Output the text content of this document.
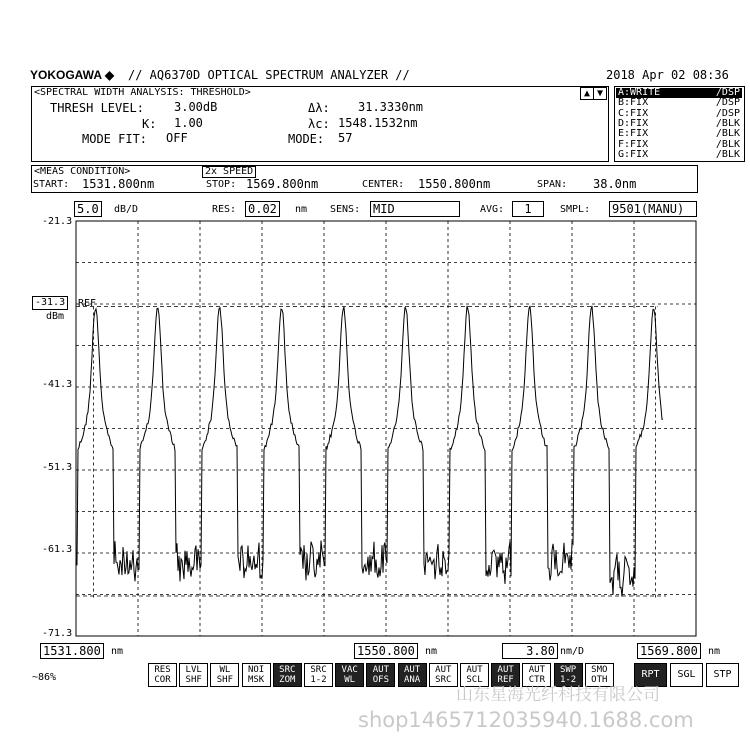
YOKOGAWA ◆ // AQ6370D OPTICAL SPECTRUM ANALYZER //	2018 Apr 02 08:36
<SPECTRAL WIDTH ANALYSIS: THRESHOLD>	▲ ▼
THRESH LEVEL:	3.00dB
K: 1.00
MODE FIT: OFF
Δλ: 31.3330nm
λc: 1548.1532nm
MODE: 57
A:WRITE	/DSP
B:FIX	/DSP
C:FIX	/DSP
D:FIX	/BLK
E:FIX	/BLK
F:FIX	/BLK
G:FIX	/BLK
<MEAS CONDITION>	2x SPEED
START: 1531.800nm	STOP: 1569.800nm	CENTER: 1550.800nm	SPAN: 38.0nm
5.0	dB/D	RES: 0.02	nm SENS: MID	AVG:	1	SMPL: 9501(MANU)
-21.3
-31.3	REF
dBm
-41.3
-51.3
-61.3
-71.3
1531.800	nm	1550.800	nm	3.80 nm/D	1569.800	nm
~86%
RES
COR
LVL
SHF
WL
SHF
NOI
MSK
SRC
ZOM
SRC
1-2
VAC
WL
AUT
OFS
AUT
ANA
AUT
SRC
AUT
SCL
AUT
REF
AUT
CTR
SWP
1-2
SMO
OTH	RPT	SGL	STP
山东星海光纤科技有限公司
shop1465712035940.1688.com
